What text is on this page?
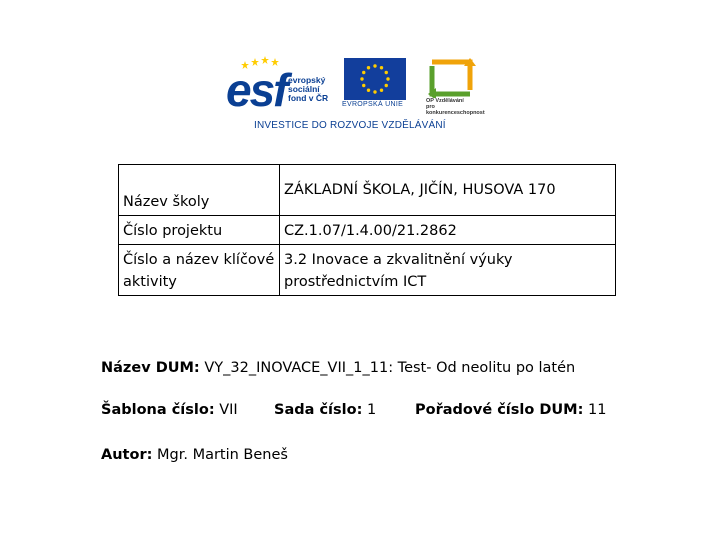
esf evropský
sociální
fond v ČR
EVROPSKÁ UNIE	OP Vzdělávání
pro konkurenceschopnost
INVESTICE DO ROZVOJE VZDĚLÁVÁNÍ
Název školy	ZÁKLADNÍ ŠKOLA, JIČÍN, HUSOVA 170
Číslo projektu	CZ.1.07/1.4.00/21.2862
Číslo a název klíčové aktivity	3.2 Inovace a zkvalitnění výuky prostřednictvím ICT
Název DUM: VY_32_INOVACE_VII_1_11: Test- Od neolitu po latén
Šablona číslo: VII	Sada číslo: 1	Pořadové číslo DUM: 11
Autor: Mgr. Martin Beneš
